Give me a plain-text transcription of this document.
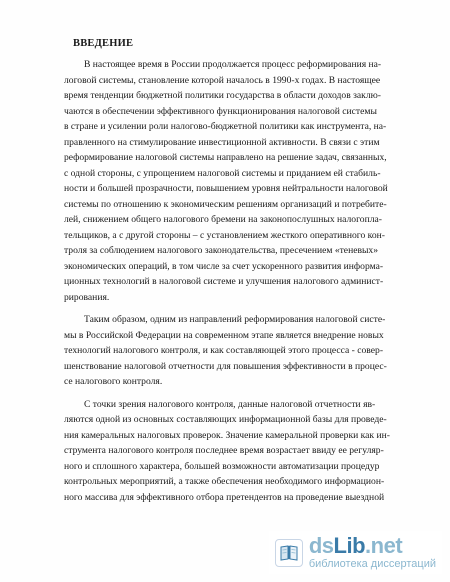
ВВЕДЕНИЕ
В настоящее время в России продолжается процесс реформирования на-
логовой системы, становление которой началось в 1990-х годах. В настоящее
время тенденции бюджетной политики государства в области доходов заклю-
чаются в обеспечении эффективного функционирования налоговой системы
в стране и усилении роли налогово-бюджетной политики как инструмента, на-
правленного на стимулирование инвестиционной активности. В связи с этим
реформирование налоговой системы направлено на решение задач, связанных,
с одной стороны, с упрощением налоговой системы и приданием ей стабиль-
ности и большей прозрачности, повышением уровня нейтральности налоговой
системы по отношению к экономическим решениям организаций и потребите-
лей, снижением общего налогового бремени на законопослушных налогопла-
тельщиков, а с другой стороны – с установлением жесткого оперативного кон-
троля за соблюдением налогового законодательства, пресечением «теневых»
экономических операций, в том числе за счет ускоренного развития информа-
ционных технологий в налоговой системе и улучшения налогового админист-
рирования.
Таким образом, одним из направлений реформирования налоговой систе-
мы в Российской Федерации на современном этапе является внедрение новых
технологий налогового контроля, и как составляющей этого процесса - совер-
шенствование налоговой отчетности для повышения эффективности в процес-
се налогового контроля.
С точки зрения налогового контроля, данные налоговой отчетности яв-
ляются одной из основных составляющих информационной базы для проведе-
ния камеральных налоговых проверок. Значение камеральной проверки как ин-
струмента налогового контроля последнее время возрастает ввиду ее регуляр-
ного и сплошного характера, большей возможности автоматизации процедур
контрольных мероприятий, а также обеспечения необходимого информацион-
ного массива для эффективного отбора претендентов на проведение выездной
dsLib.net
библиотека диссертаций
